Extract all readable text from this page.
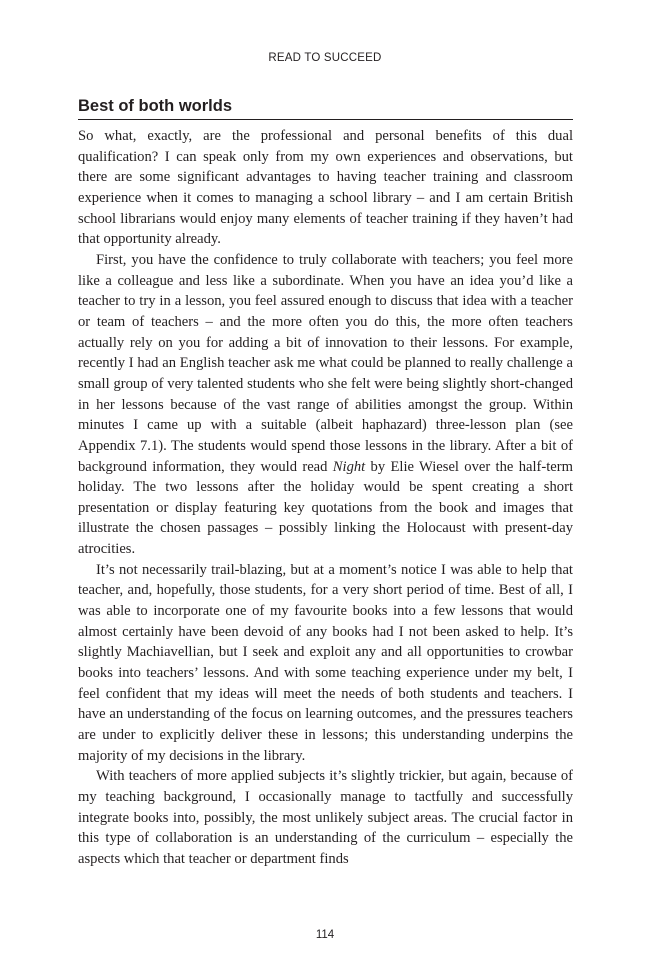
READ TO SUCCEED
Best of both worlds

So what, exactly, are the professional and personal benefits of this dual qualification? I can speak only from my own experiences and observations, but there are some significant advantages to having teacher training and classroom experience when it comes to managing a school library – and I am certain British school librarians would enjoy many elements of teacher training if they haven’t had that opportunity already.

First, you have the confidence to truly collaborate with teachers; you feel more like a colleague and less like a subordinate. When you have an idea you’d like a teacher to try in a lesson, you feel assured enough to discuss that idea with a teacher or team of teachers – and the more often you do this, the more often teachers actually rely on you for adding a bit of innovation to their lessons. For example, recently I had an English teacher ask me what could be planned to really challenge a small group of very talented students who she felt were being slightly short-changed in her lessons because of the vast range of abilities amongst the group. Within minutes I came up with a suitable (albeit haphazard) three-lesson plan (see Appendix 7.1). The students would spend those lessons in the library. After a bit of background information, they would read Night by Elie Wiesel over the half-term holiday. The two lessons after the holiday would be spent creating a short presentation or display featuring key quotations from the book and images that illustrate the chosen passages – possibly linking the Holocaust with present-day atrocities.

It’s not necessarily trail-blazing, but at a moment’s notice I was able to help that teacher, and, hopefully, those students, for a very short period of time. Best of all, I was able to incorporate one of my favourite books into a few lessons that would almost certainly have been devoid of any books had I not been asked to help. It’s slightly Machiavellian, but I seek and exploit any and all opportunities to crowbar books into teachers’ lessons. And with some teaching experience under my belt, I feel confident that my ideas will meet the needs of both students and teachers. I have an understanding of the focus on learning outcomes, and the pressures teachers are under to explicitly deliver these in lessons; this understanding underpins the majority of my decisions in the library.

With teachers of more applied subjects it’s slightly trickier, but again, because of my teaching background, I occasionally manage to tactfully and successfully integrate books into, possibly, the most unlikely subject areas. The crucial factor in this type of collaboration is an understanding of the curriculum – especially the aspects which that teacher or department finds

114
